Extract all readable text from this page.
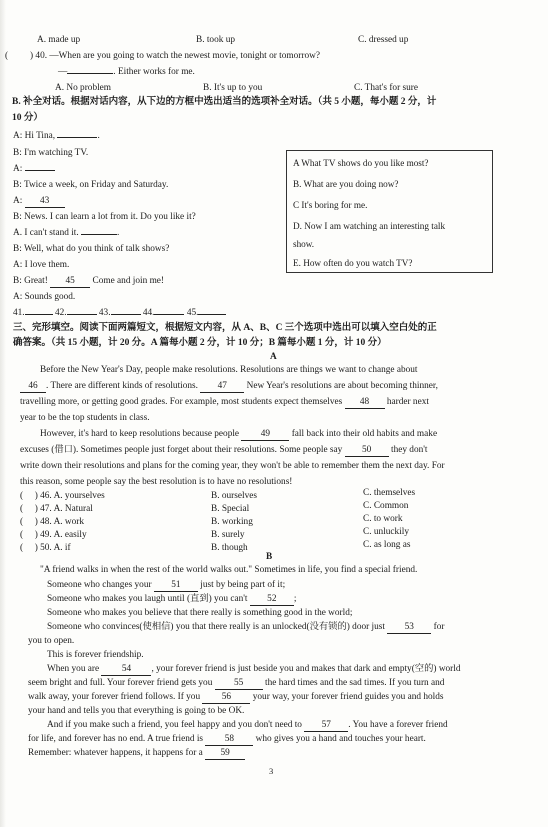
A. made up	B. took up	C. dressed up
( ) 40. —When are you going to watch the newest movie, tonight or tomorrow?
—	. Either works for me.
A. No problem	B. It's up to you	C. That's for sure
B. 补全对话。根据对话内容，从下边的方框中选出适当的选项补全对话。（共 5 小题，每小题 2 分，计
10 分）
A: Hi Tina,	.
B: I'm watching TV.
A:
B: Twice a week, on Friday and Saturday.
A: 43
B: News. I can learn a lot from it. Do you like it?
A. I can't stand it.	.
B: Well, what do you think of talk shows?
A: I love them.
B: Great! 45 Come and join me!
A: Sounds good.
41.	42.	43.	44.	45.
A What TV shows do you like most?
B. What are you doing now?
C It's boring for me.
D. Now I am watching an interesting talk
show.
E. How often do you watch TV?
三、完形填空。阅读下面两篇短文，根据短文内容，从 A、B、C 三个选项中选出可以填入空白处的正
确答案。（共 15 小题，计 20 分。A 篇每小题 2 分，计 10 分；B 篇每小题 1 分，计 10 分）
A
Before the New Year's Day, people make resolutions. Resolutions are things we want to change about
46 . There are different kinds of resolutions. 47 New Year's resolutions are about becoming thinner,
travelling more, or getting good grades. For example, most students expect themselves 48 harder next
year to be the top students in class.
However, it's hard to keep resolutions because people 49 fall back into their old habits and make
excuses (借口). Sometimes people just forget about their resolutions. Some people say 50 they don't
write down their resolutions and plans for the coming year, they won't be able to remember them the next day. For
this reason, some people say the best resolution is to have no resolutions!
(     ) 46. A. yourselves	B. ourselves	C. themselves
(     ) 47. A. Natural	B. Special	C. Common
(     ) 48. A. work	B. working	C. to work
(     ) 49. A. easily	B. surely	C. unluckily
(     ) 50. A. if	B. though	C. as long as
B
"A friend walks in when the rest of the world walks out." Sometimes in life, you find a special friend.
Someone who changes your 51 just by being part of it;
Someone who makes you laugh until (直到) you can't 52 ;
Someone who makes you believe that there really is something good in the world;
Someone who convinces(使相信) you that there really is an unlocked(没有锁的) door just 53 for
you to open.
This is forever friendship.
When you are 54 , your forever friend is just beside you and makes that dark and empty(空的) world
seem bright and full. Your forever friend gets you 55 the hard times and the sad times. If you turn and
walk away, your forever friend follows. If you 56 your way, your forever friend guides you and holds
your hand and tells you that everything is going to be OK.
And if you make such a friend, you feel happy and you don't need to 57 . You have a forever friend
for life, and forever has no end. A true friend is 58 who gives you a hand and touches your heart.
Remember: whatever happens, it happens for a 59
3
